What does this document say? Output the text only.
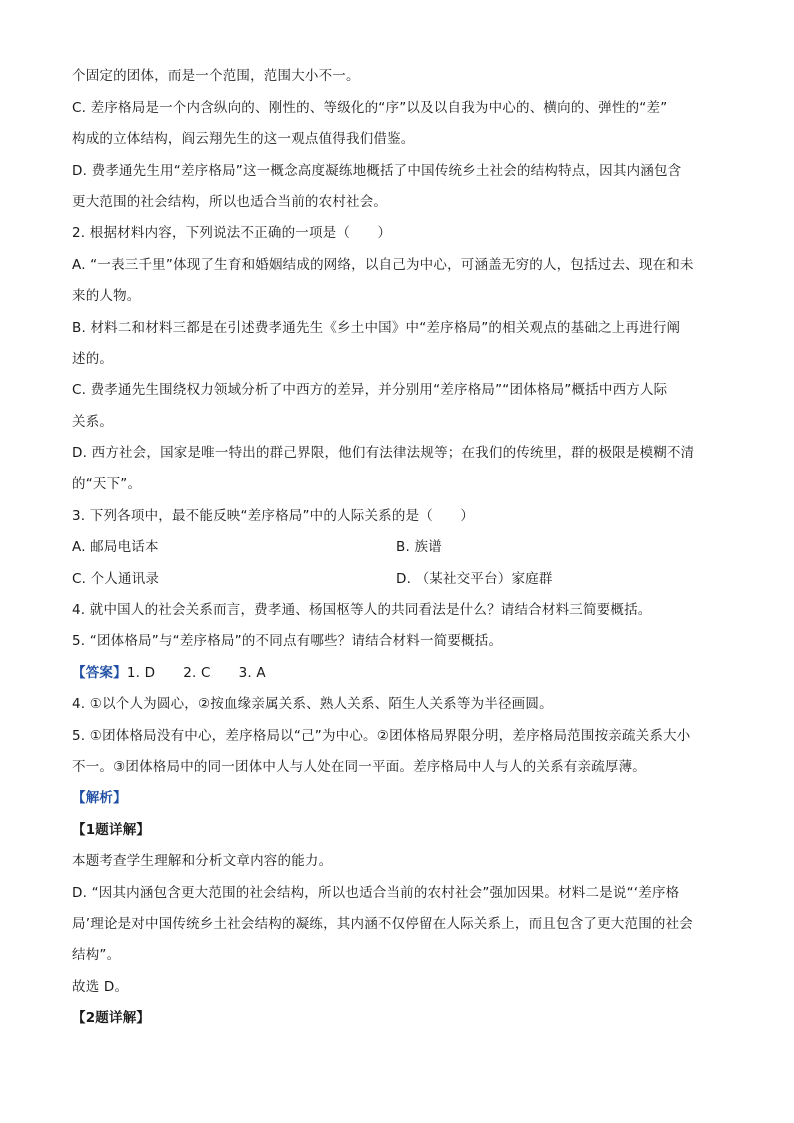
个固定的团体，而是一个范围，范围大小不一。
C. 差序格局是一个内含纵向的、刚性的、等级化的“序”以及以自我为中心的、横向的、弹性的“差”
构成的立体结构，阎云翔先生的这一观点值得我们借鉴。
D. 费孝通先生用“差序格局”这一概念高度凝练地概括了中国传统乡土社会的结构特点，因其内涵包含
更大范围的社会结构，所以也适合当前的农村社会。
2. 根据材料内容，下列说法不正确的一项是（　　）
A. “一表三千里”体现了生育和婚姻结成的网络，以自己为中心，可涵盖无穷的人，包括过去、现在和未
来的人物。
B. 材料二和材料三都是在引述费孝通先生《乡土中国》中“差序格局”的相关观点的基础之上再进行阐
述的。
C. 费孝通先生围绕权力领域分析了中西方的差异，并分别用“差序格局”“团体格局”概括中西方人际
关系。
D. 西方社会，国家是唯一特出的群己界限，他们有法律法规等；在我们的传统里，群的极限是模糊不清
的“天下”。
3. 下列各项中，最不能反映“差序格局”中的人际关系的是（　　）
A. 邮局电话本	B. 族谱
C. 个人通讯录	D. （某社交平台）家庭群
4. 就中国人的社会关系而言，费孝通、杨国枢等人的共同看法是什么？请结合材料三简要概括。
5. “团体格局”与“差序格局”的不同点有哪些？请结合材料一简要概括。
【答案】1. D 2. C 3. A
4. ①以个人为圆心，②按血缘亲属关系、熟人关系、陌生人关系等为半径画圆。
5. ①团体格局没有中心，差序格局以“己”为中心。②团体格局界限分明，差序格局范围按亲疏关系大小
不一。③团体格局中的同一团体中人与人处在同一平面。差序格局中人与人的关系有亲疏厚薄。
【解析】
【1题详解】
本题考查学生理解和分析文章内容的能力。
D. “因其内涵包含更大范围的社会结构，所以也适合当前的农村社会”强加因果。材料二是说“‘差序格
局’理论是对中国传统乡土社会结构的凝练，其内涵不仅停留在人际关系上，而且包含了更大范围的社会
结构”。
故选 D。
【2题详解】
